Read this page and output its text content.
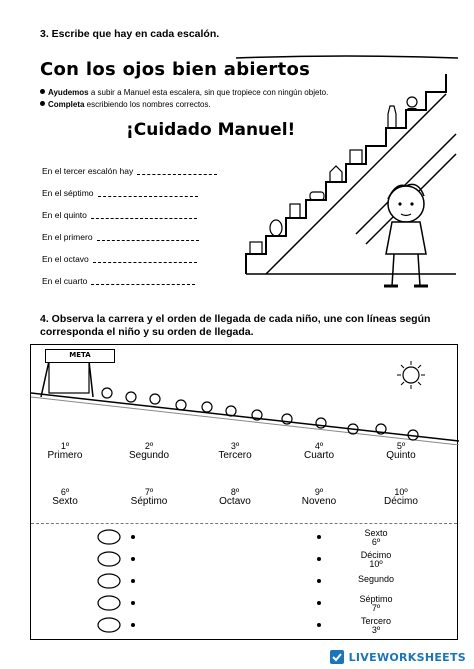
3. Escribe que hay en cada escalón.
Con los ojos bien abiertos
Ayudemos a subir a Manuel esta escalera, sin que tropiece con ningún objeto.
Completa escribiendo los nombres correctos.
¡Cuidado Manuel!
En el tercer escalón hay
En el séptimo
En el quinto
En el primero
En el octavo
En el cuarto
4. Observa la carrera y el orden de llegada de cada niño, une con líneas según corresponda el niño y su orden de llegada.
META
1º
Primero
2º
Segundo
3º
Tercero
4º
Cuarto
5º
Quinto
6º
Sexto
7º
Séptimo
8º
Octavo
9º
Noveno
10º
Décimo
Sexto
6º
Décimo
10º
Segundo
Séptimo
7º
Tercero
3º
LIVEWORKSHEETS
